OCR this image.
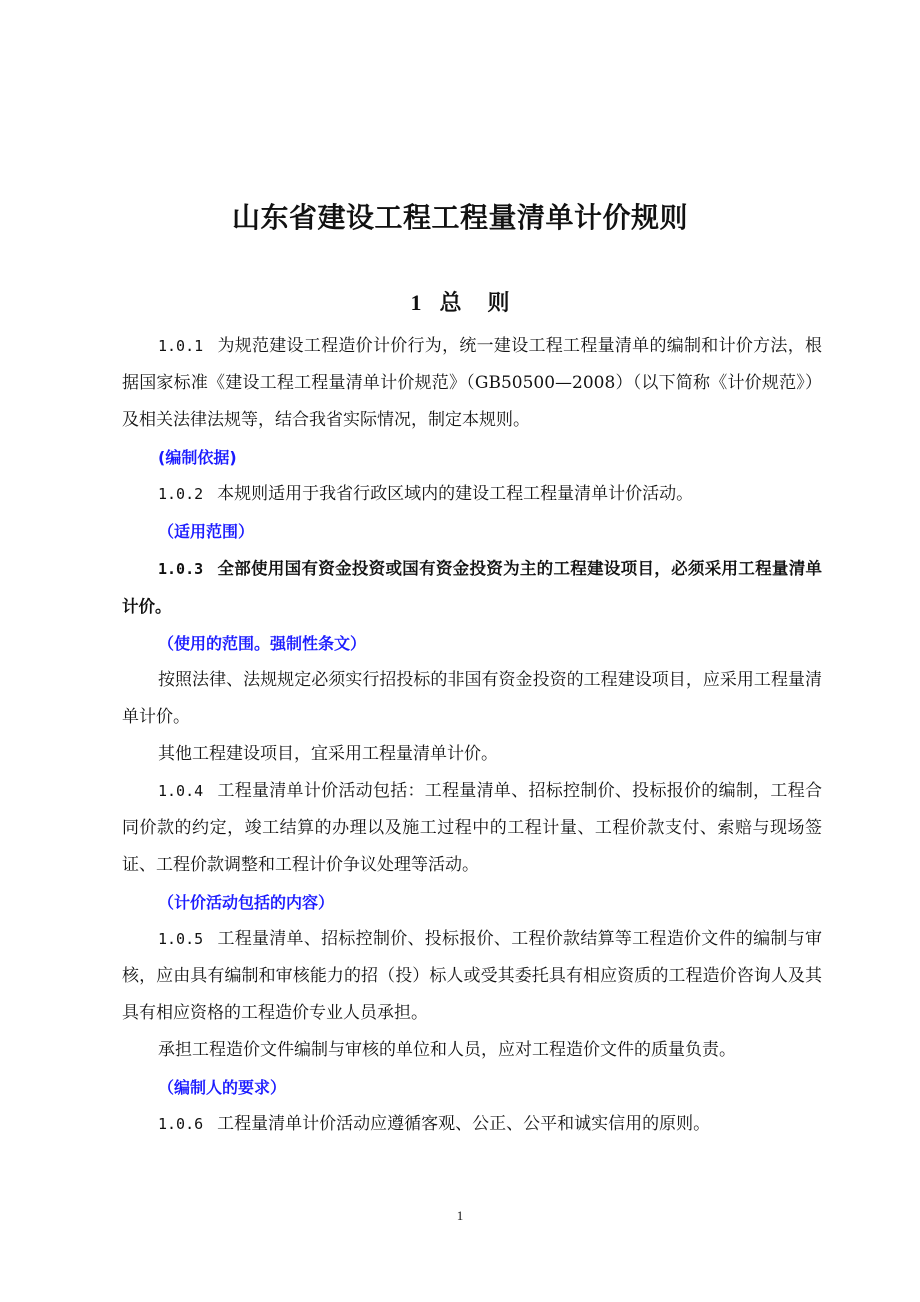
山东省建设工程工程量清单计价规则
1 总 则

1.0.1 为规范建设工程造价计价行为，统一建设工程工程量清单的编制和计价方法，根据国家标准《建设工程工程量清单计价规范》（GB50500—2008）（以下简称《计价规范》）及相关法律法规等，结合我省实际情况，制定本规则。

(编制依据)

1.0.2 本规则适用于我省行政区域内的建设工程工程量清单计价活动。

（适用范围）

1.0.3 全部使用国有资金投资或国有资金投资为主的工程建设项目，必须采用工程量清单计价。

（使用的范围。强制性条文）

按照法律、法规规定必须实行招投标的非国有资金投资的工程建设项目，应采用工程量清单计价。

其他工程建设项目，宜采用工程量清单计价。

1.0.4 工程量清单计价活动包括：工程量清单、招标控制价、投标报价的编制，工程合同价款的约定，竣工结算的办理以及施工过程中的工程计量、工程价款支付、索赔与现场签证、工程价款调整和工程计价争议处理等活动。

（计价活动包括的内容）

1.0.5 工程量清单、招标控制价、投标报价、工程价款结算等工程造价文件的编制与审核，应由具有编制和审核能力的招（投）标人或受其委托具有相应资质的工程造价咨询人及其具有相应资格的工程造价专业人员承担。

承担工程造价文件编制与审核的单位和人员，应对工程造价文件的质量负责。

（编制人的要求）

1.0.6 工程量清单计价活动应遵循客观、公正、公平和诚实信用的原则。

1
